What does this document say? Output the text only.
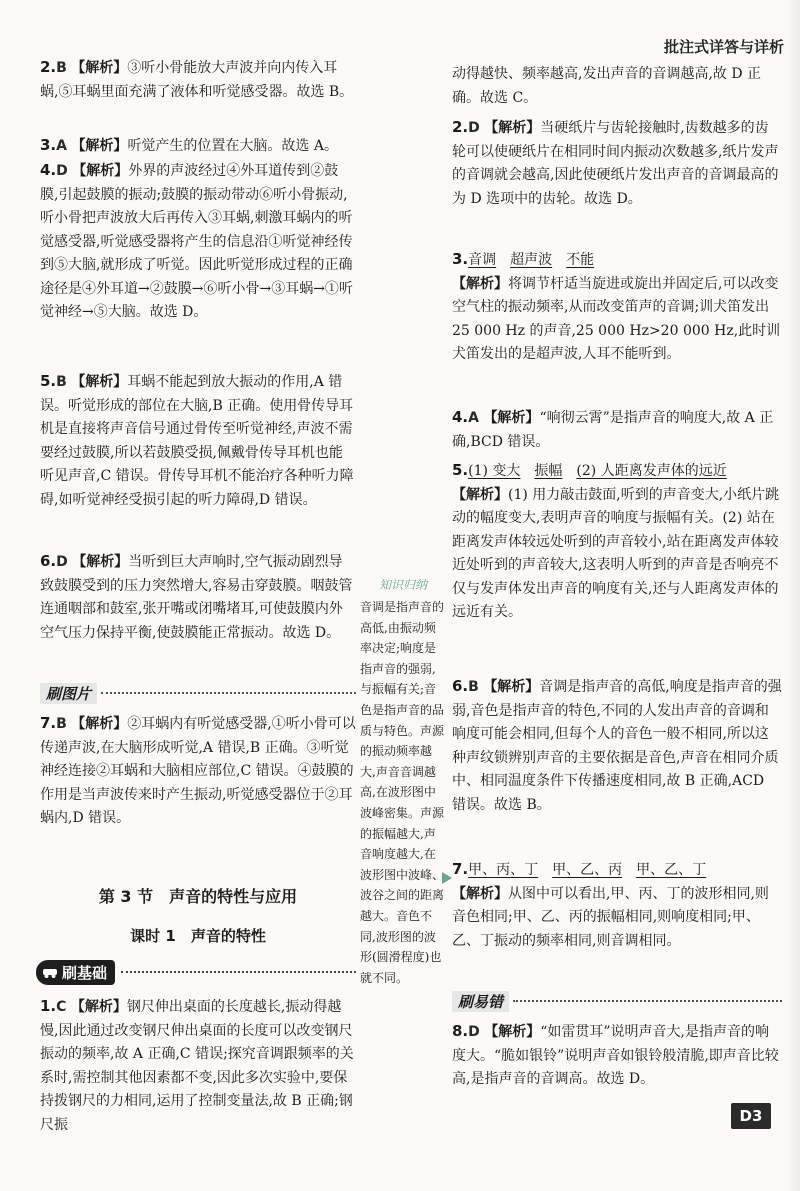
批注式详答与详析

2.B 【解析】③听小骨能放大声波并向内传入耳蜗,⑤耳蜗里面充满了液体和听觉感受器。故选 B。

3.A 【解析】听觉产生的位置在大脑。故选 A。

4.D 【解析】外界的声波经过④外耳道传到②鼓膜,引起鼓膜的振动;鼓膜的振动带动⑥听小骨振动,听小骨把声波放大后再传入③耳蜗,刺激耳蜗内的听觉感受器,听觉感受器将产生的信息沿①听觉神经传到⑤大脑,就形成了听觉。因此听觉形成过程的正确途径是④外耳道→②鼓膜→⑥听小骨→③耳蜗→①听觉神经→⑤大脑。故选 D。

5.B 【解析】耳蜗不能起到放大振动的作用,A 错误。听觉形成的部位在大脑,B 正确。使用骨传导耳机是直接将声音信号通过骨传至听觉神经,声波不需要经过鼓膜,所以若鼓膜受损,佩戴骨传导耳机也能听见声音,C 错误。骨传导耳机不能治疗各种听力障碍,如听觉神经受损引起的听力障碍,D 错误。

6.D 【解析】当听到巨大声响时,空气振动剧烈导致鼓膜受到的压力突然增大,容易击穿鼓膜。咽鼓管连通咽部和鼓室,张开嘴或闭嘴堵耳,可使鼓膜内外空气压力保持平衡,使鼓膜能正常振动。故选 D。

7.B 【解析】②耳蜗内有听觉感受器,①听小骨可以传递声波,在大脑形成听觉,A 错误,B 正确。③听觉神经连接②耳蜗和大脑相应部位,C 错误。④鼓膜的作用是当声波传来时产生振动,听觉感受器位于②耳蜗内,D 错误。

1.C 【解析】钢尺伸出桌面的长度越长,振动得越慢,因此通过改变钢尺伸出桌面的长度可以改变钢尺振动的频率,故 A 正确,C 错误;探究音调跟频率的关系时,需控制其他因素都不变,因此多次实验中,要保持拨钢尺的力相同,运用了控制变量法,故 B 正确;钢尺振

刷图片
第 3 节　声音的特性与应用
课时 1　声音的特性
刷基础

知识归纳

音调是指声音的高低,由振动频率决定;响度是指声音的强弱,与振幅有关;音色是指声音的品质与特色。声源的振动频率越大,声音音调越高,在波形图中波峰密集。声源的振幅越大,声音响度越大,在波形图中波峰、波谷之间的距离越大。音色不同,波形图的波形(圆滑程度)也就不同。

动得越快、频率越高,发出声音的音调越高,故 D 正确。故选 C。

2.D 【解析】当硬纸片与齿轮接触时,齿数越多的齿轮可以使硬纸片在相同时间内振动次数越多,纸片发声的音调就会越高,因此使硬纸片发出声音的音调最高的为 D 选项中的齿轮。故选 D。

3.音调　 超声波　 不能
【解析】将调节杆适当旋进或旋出并固定后,可以改变空气柱的振动频率,从而改变笛声的音调;训犬笛发出 25 000 Hz 的声音,25 000 Hz>20 000 Hz,此时训犬笛发出的是超声波,人耳不能听到。

4.A 【解析】“响彻云霄”是指声音的响度大,故 A 正确,BCD 错误。

5.(1) 变大　 振幅　 (2) 人距离发声体的远近
【解析】(1) 用力敲击鼓面,听到的声音变大,小纸片跳动的幅度变大,表明声音的响度与振幅有关。(2) 站在距离发声体较远处听到的声音较小,站在距离发声体较近处听到的声音较大,这表明人听到的声音是否响亮不仅与发声体发出声音的响度有关,还与人距离发声体的远近有关。

6.B 【解析】音调是指声音的高低,响度是指声音的强弱,音色是指声音的特色,不同的人发出声音的音调和响度可能会相同,但每个人的音色一般不相同,所以这种声纹锁辨别声音的主要依据是音色,声音在相同介质中、相同温度条件下传播速度相同,故 B 正确,ACD 错误。故选 B。

7.甲、丙、丁　 甲、乙、丙　 甲、乙、丁
【解析】从图中可以看出,甲、丙、丁的波形相同,则音色相同;甲、乙、丙的振幅相同,则响度相同;甲、乙、丁振动的频率相同,则音调相同。

8.D 【解析】“如雷贯耳”说明声音大,是指声音的响度大。“脆如银铃”说明声音如银铃般清脆,即声音比较高,是指声音的音调高。故选 D。

刷易错
D3
